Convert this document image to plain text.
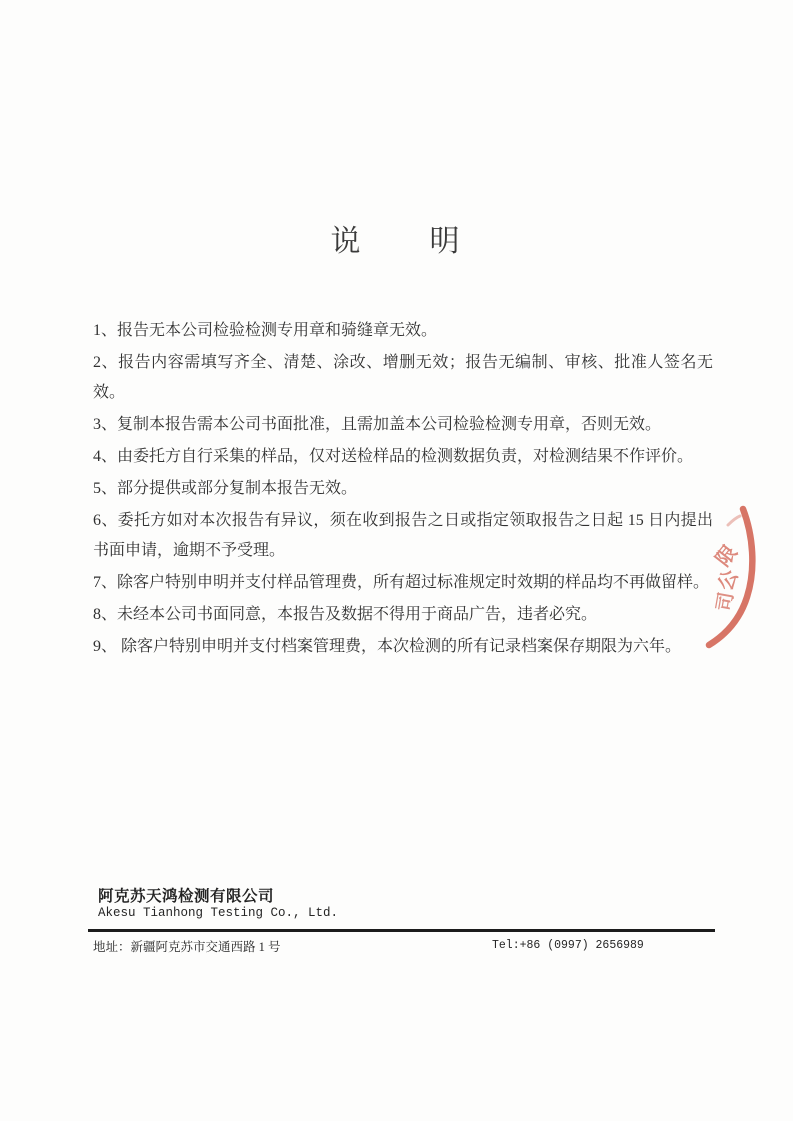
说　　明

1、报告无本公司检验检测专用章和骑缝章无效。

2、报告内容需填写齐全、清楚、涂改、增删无效；报告无编制、审核、批准人签名无效。

3、复制本报告需本公司书面批准，且需加盖本公司检验检测专用章，否则无效。

4、由委托方自行采集的样品，仅对送检样品的检测数据负责，对检测结果不作评价。

5、部分提供或部分复制本报告无效。

6、委托方如对本次报告有异议，须在收到报告之日或指定领取报告之日起 15 日内提出书面申请，逾期不予受理。

7、除客户特别申明并支付样品管理费，所有超过标准规定时效期的样品均不再做留样。

8、未经本公司书面同意，本报告及数据不得用于商品广告，违者必究。

9、 除客户特别申明并支付档案管理费，本次检测的所有记录档案保存期限为六年。

限
公
司
阿克苏天鸿检测有限公司
Akesu Tianhong Testing Co., Ltd.
地址：新疆阿克苏市交通西路 1 号	Tel:+86 (0997) 2656989
